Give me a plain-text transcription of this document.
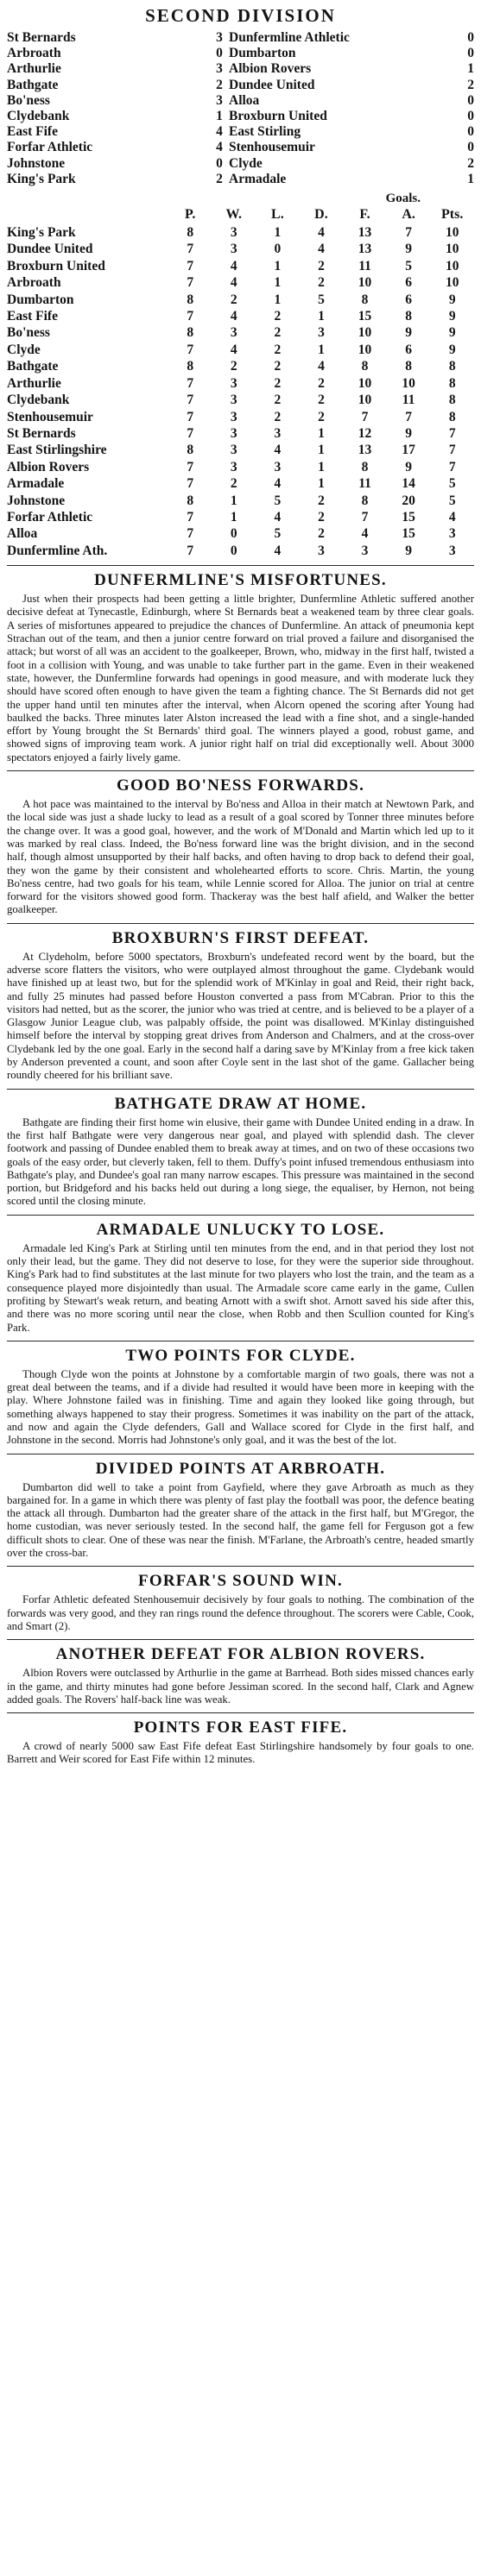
SECOND DIVISION
St Bernards	3	Dunfermline Athletic	0
Arbroath	0	Dumbarton	0
Arthurlie	3	Albion Rovers	1
Bathgate	2	Dundee United	2
Bo'ness	3	Alloa	0
Clydebank	1	Broxburn United	0
East Fife	4	East Stirling	0
Forfar Athletic	4	Stenhousemuir	0
Johnstone	0	Clyde	2
King's Park	2	Armadale	1
Goals.
	P.	W.	L.	D.	F.	A.	Pts.
King's Park	8	3	1	4	13	7	10
Dundee United	7	3	0	4	13	9	10
Broxburn United	7	4	1	2	11	5	10
Arbroath	7	4	1	2	10	6	10
Dumbarton	8	2	1	5	8	6	9
East Fife	7	4	2	1	15	8	9
Bo'ness	8	3	2	3	10	9	9
Clyde	7	4	2	1	10	6	9
Bathgate	8	2	2	4	8	8	8
Arthurlie	7	3	2	2	10	10	8
Clydebank	7	3	2	2	10	11	8
Stenhousemuir	7	3	2	2	7	7	8
St Bernards	7	3	3	1	12	9	7
East Stirlingshire	8	3	4	1	13	17	7
Albion Rovers	7	3	3	1	8	9	7
Armadale	7	2	4	1	11	14	5
Johnstone	8	1	5	2	8	20	5
Forfar Athletic	7	1	4	2	7	15	4
Alloa	7	0	5	2	4	15	3
Dunfermline Ath.	7	0	4	3	3	9	3
DUNFERMLINE'S MISFORTUNES.

Just when their prospects had been getting a little brighter, Dunfermline Athletic suffered another decisive defeat at Tynecastle, Edinburgh, where St Bernards beat a weakened team by three clear goals. A series of misfortunes appeared to prejudice the chances of Dunfermline. An attack of pneumonia kept Strachan out of the team, and then a junior centre forward on trial proved a failure and disorganised the attack; but worst of all was an accident to the goalkeeper, Brown, who, midway in the first half, twisted a foot in a collision with Young, and was unable to take further part in the game. Even in their weakened state, however, the Dunfermline forwards had openings in good measure, and with moderate luck they should have scored often enough to have given the team a fighting chance. The St Bernards did not get the upper hand until ten minutes after the interval, when Alcorn opened the scoring after Young had baulked the backs. Three minutes later Alston increased the lead with a fine shot, and a single-handed effort by Young brought the St Bernards' third goal. The winners played a good, robust game, and showed signs of improving team work. A junior right half on trial did exceptionally well. About 3000 spectators enjoyed a fairly lively game.

GOOD BO'NESS FORWARDS.

A hot pace was maintained to the interval by Bo'ness and Alloa in their match at Newtown Park, and the local side was just a shade lucky to lead as a result of a goal scored by Tonner three minutes before the change over. It was a good goal, however, and the work of M'Donald and Martin which led up to it was marked by real class. Indeed, the Bo'ness forward line was the bright division, and in the second half, though almost unsupported by their half backs, and often having to drop back to defend their goal, they won the game by their consistent and wholehearted efforts to score. Chris. Martin, the young Bo'ness centre, had two goals for his team, while Lennie scored for Alloa. The junior on trial at centre forward for the visitors showed good form. Thackeray was the best half afield, and Walker the better goalkeeper.

BROXBURN'S FIRST DEFEAT.

At Clydeholm, before 5000 spectators, Broxburn's undefeated record went by the board, but the adverse score flatters the visitors, who were outplayed almost throughout the game. Clydebank would have finished up at least two, but for the splendid work of M'Kinlay in goal and Reid, their right back, and fully 25 minutes had passed before Houston converted a pass from M'Cabran. Prior to this the visitors had netted, but as the scorer, the junior who was tried at centre, and is believed to be a player of a Glasgow Junior League club, was palpably offside, the point was disallowed. M'Kinlay distinguished himself before the interval by stopping great drives from Anderson and Chalmers, and at the cross-over Clydebank led by the one goal. Early in the second half a daring save by M'Kinlay from a free kick taken by Anderson prevented a count, and soon after Coyle sent in the last shot of the game. Gallacher being roundly cheered for his brilliant save.

BATHGATE DRAW AT HOME.

Bathgate are finding their first home win elusive, their game with Dundee United ending in a draw. In the first half Bathgate were very dangerous near goal, and played with splendid dash. The clever footwork and passing of Dundee enabled them to break away at times, and on two of these occasions two goals of the easy order, but cleverly taken, fell to them. Duffy's point infused tremendous enthusiasm into Bathgate's play, and Dundee's goal ran many narrow escapes. This pressure was maintained in the second portion, but Bridgeford and his backs held out during a long siege, the equaliser, by Hernon, not being scored until the closing minute.

ARMADALE UNLUCKY TO LOSE.

Armadale led King's Park at Stirling until ten minutes from the end, and in that period they lost not only their lead, but the game. They did not deserve to lose, for they were the superior side throughout. King's Park had to find substitutes at the last minute for two players who lost the train, and the team as a consequence played more disjointedly than usual. The Armadale score came early in the game, Cullen profiting by Stewart's weak return, and beating Arnott with a swift shot. Arnott saved his side after this, and there was no more scoring until near the close, when Robb and then Scullion counted for King's Park.

TWO POINTS FOR CLYDE.

Though Clyde won the points at Johnstone by a comfortable margin of two goals, there was not a great deal between the teams, and if a divide had resulted it would have been more in keeping with the play. Where Johnstone failed was in finishing. Time and again they looked like going through, but something always happened to stay their progress. Sometimes it was inability on the part of the attack, and now and again the Clyde defenders, Gall and Wallace scored for Clyde in the first half, and Johnstone in the second. Morris had Johnstone's only goal, and it was the best of the lot.

DIVIDED POINTS AT ARBROATH.

Dumbarton did well to take a point from Gayfield, where they gave Arbroath as much as they bargained for. In a game in which there was plenty of fast play the football was poor, the defence beating the attack all through. Dumbarton had the greater share of the attack in the first half, but M'Gregor, the home custodian, was never seriously tested. In the second half, the game fell for Ferguson got a few difficult shots to clear. One of these was near the finish. M'Farlane, the Arbroath's centre, headed smartly over the cross-bar.

FORFAR'S SOUND WIN.

Forfar Athletic defeated Stenhousemuir decisively by four goals to nothing. The combination of the forwards was very good, and they ran rings round the defence throughout. The scorers were Cable, Cook, and Smart (2).

ANOTHER DEFEAT FOR ALBION ROVERS.

Albion Rovers were outclassed by Arthurlie in the game at Barrhead. Both sides missed chances early in the game, and thirty minutes had gone before Jessiman scored. In the second half, Clark and Agnew added goals. The Rovers' half-back line was weak.

POINTS FOR EAST FIFE.

A crowd of nearly 5000 saw East Fife defeat East Stirlingshire handsomely by four goals to one. Barrett and Weir scored for East Fife within 12 minutes.
